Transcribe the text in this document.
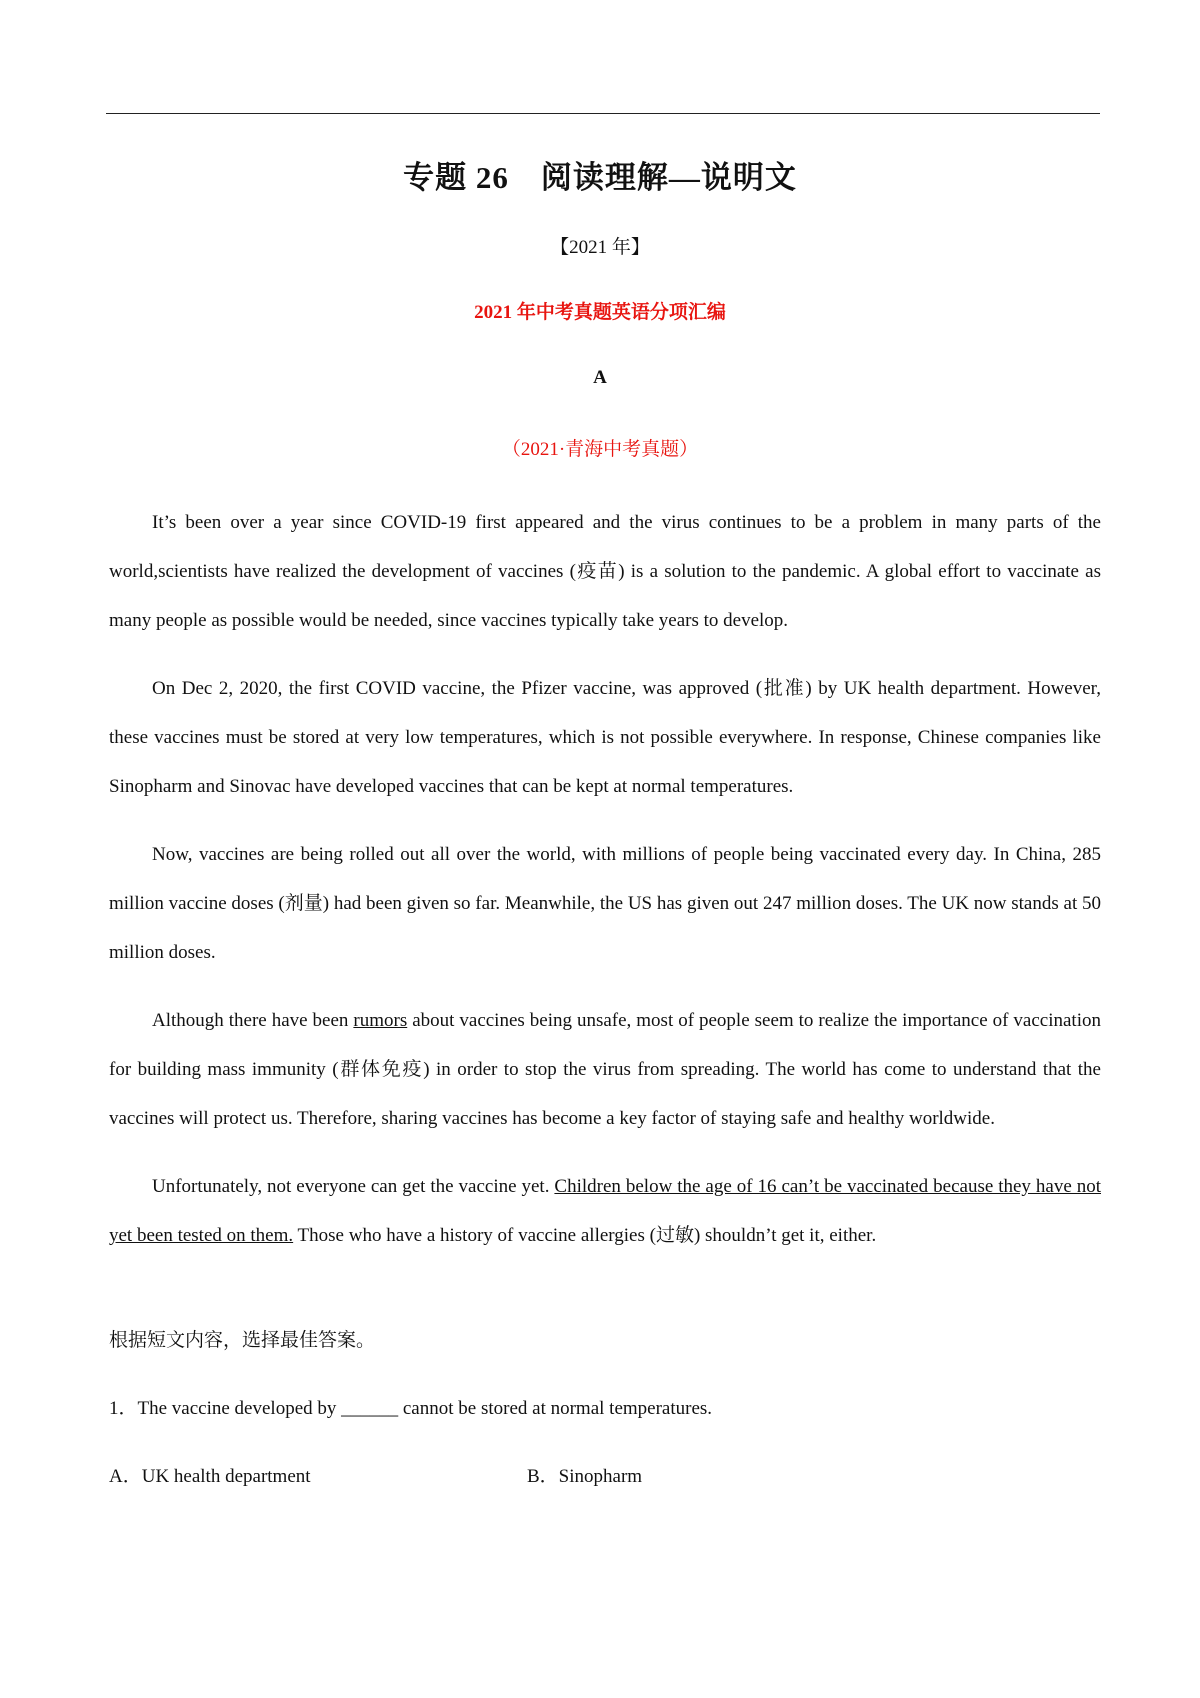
专题 26　阅读理解—说明文
【2021 年】
2021 年中考真题英语分项汇编
A
（2021·青海中考真题）

It’s been over a year since COVID-19 first appeared and the virus continues to be a problem in many parts of the world,scientists have realized the development of vaccines (疫苗) is a solution to the pandemic. A global effort to vaccinate as many people as possible would be needed, since vaccines typically take years to develop.

On Dec 2, 2020, the first COVID vaccine, the Pfizer vaccine, was approved (批准) by UK health department. However, these vaccines must be stored at very low temperatures, which is not possible everywhere. In response, Chinese companies like Sinopharm and Sinovac have developed vaccines that can be kept at normal temperatures.

Now, vaccines are being rolled out all over the world, with millions of people being vaccinated every day. In China, 285 million vaccine doses (剂量) had been given so far. Meanwhile, the US has given out 247 million doses. The UK now stands at 50 million doses.

Although there have been rumors about vaccines being unsafe, most of people seem to realize the importance of vaccination for building mass immunity (群体免疫) in order to stop the virus from spreading. The world has come to understand that the vaccines will protect us. Therefore, sharing vaccines has become a key factor of staying safe and healthy worldwide.

Unfortunately, not everyone can get the vaccine yet. Children below the age of 16 can’t be vaccinated because they have not yet been tested on them. Those who have a history of vaccine allergies (过敏) shouldn’t get it, either.

根据短文内容，选择最佳答案。
1．The vaccine developed by ______ cannot be stored at normal temperatures.
A．UK health department	B．Sinopharm
